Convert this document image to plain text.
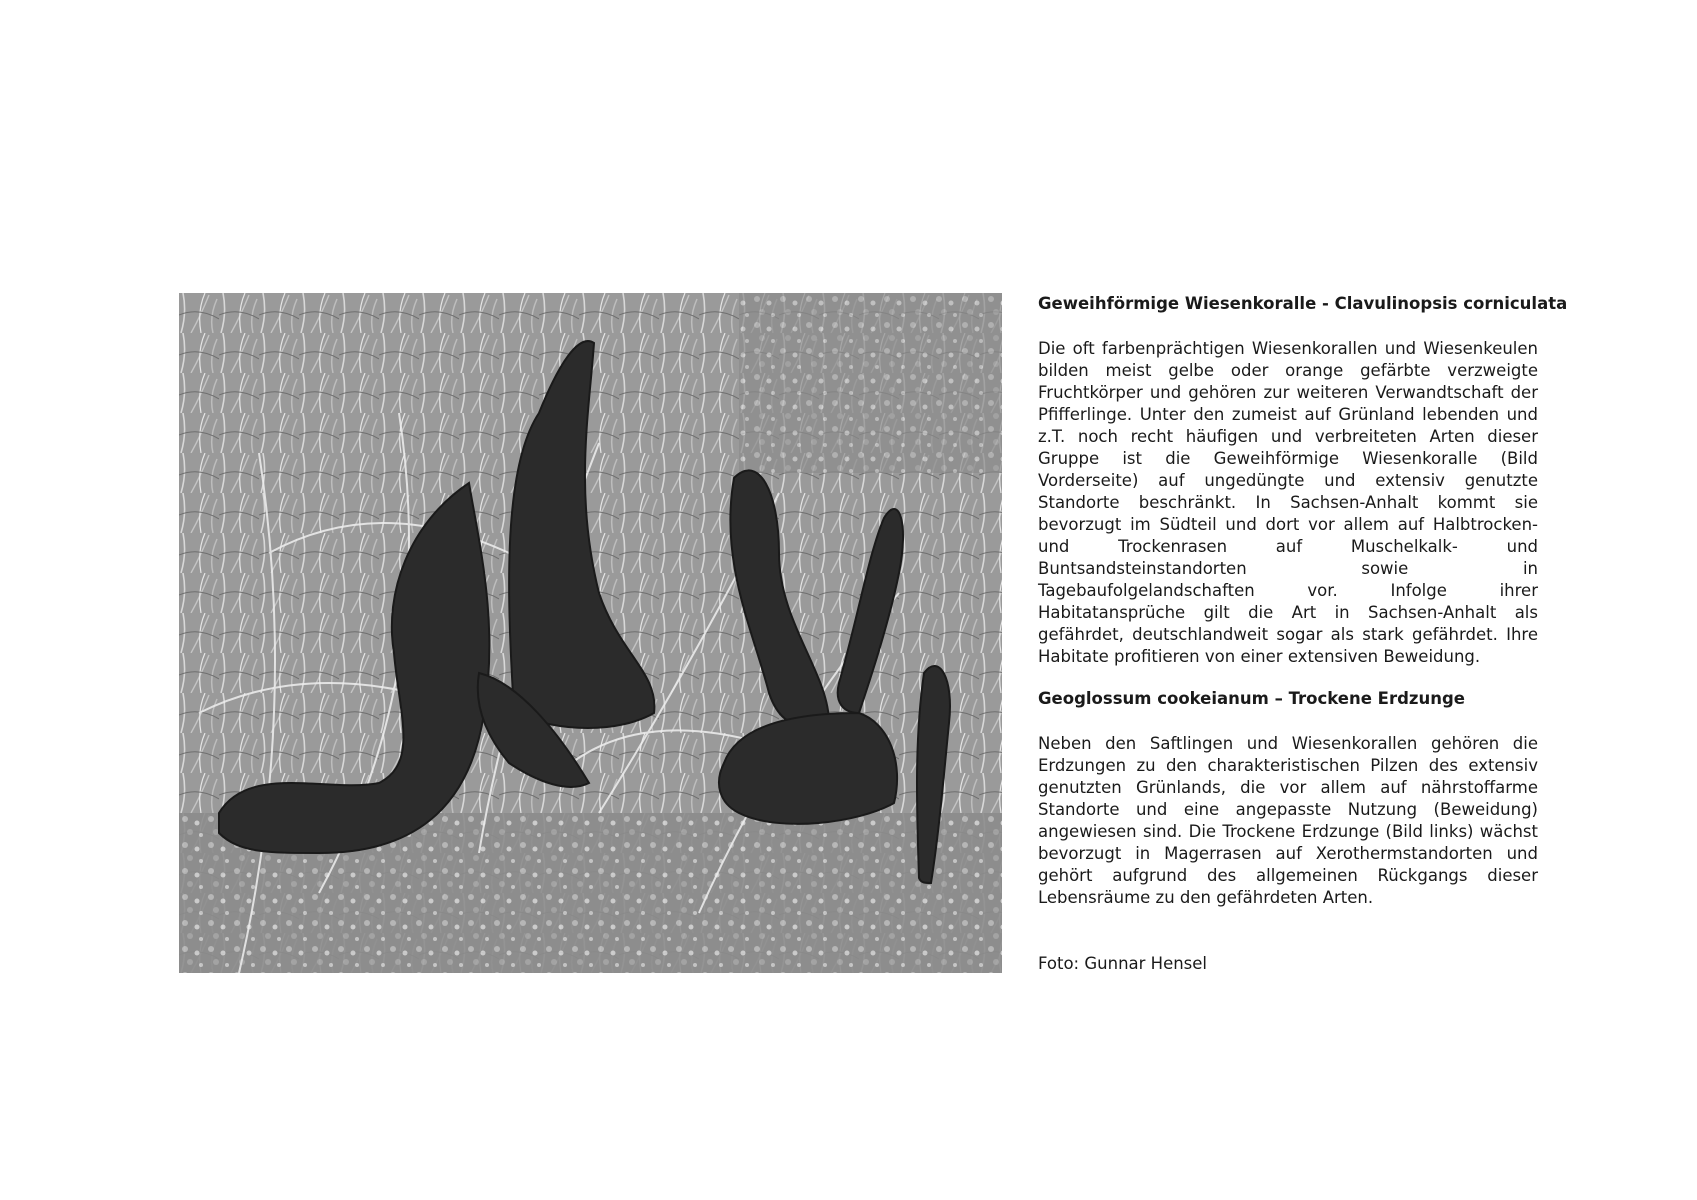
Geweihförmige Wiesenkoralle - Clavulinopsis corniculata

Die oft farbenprächtigen Wiesenkorallen und Wiesenkeulen bilden meist gelbe oder orange gefärbte verzweigte Fruchtkörper und gehören zur weiteren Verwandtschaft der Pfifferlinge. Unter den zumeist auf Grünland lebenden und z.T. noch recht häufigen und verbreiteten Arten dieser Gruppe ist die Geweihförmige Wiesenkoralle (Bild Vorderseite) auf ungedüngte und extensiv genutzte Standorte beschränkt. In Sachsen-Anhalt kommt sie bevorzugt im Südteil und dort vor allem auf Halbtrocken- und Trockenrasen auf Muschelkalk- und Buntsandsteinstandorten sowie in Tagebaufolgelandschaften vor. Infolge ihrer Habitatansprüche gilt die Art in Sachsen-Anhalt als gefährdet, deutschlandweit sogar als stark gefährdet. Ihre Habitate profitieren von einer extensiven Beweidung.

Geoglossum cookeianum – Trockene Erdzunge

Neben den Saftlingen und Wiesenkorallen gehören die Erdzungen zu den charakteristischen Pilzen des extensiv genutzten Grünlands, die vor allem auf nährstoffarme Standorte und eine angepasste Nutzung (Beweidung) angewiesen sind. Die Trockene Erdzunge (Bild links) wächst bevorzugt in Magerrasen auf Xerothermstandorten und gehört aufgrund des allgemeinen Rückgangs dieser Lebensräume zu den gefährdeten Arten.

Foto: Gunnar Hensel
